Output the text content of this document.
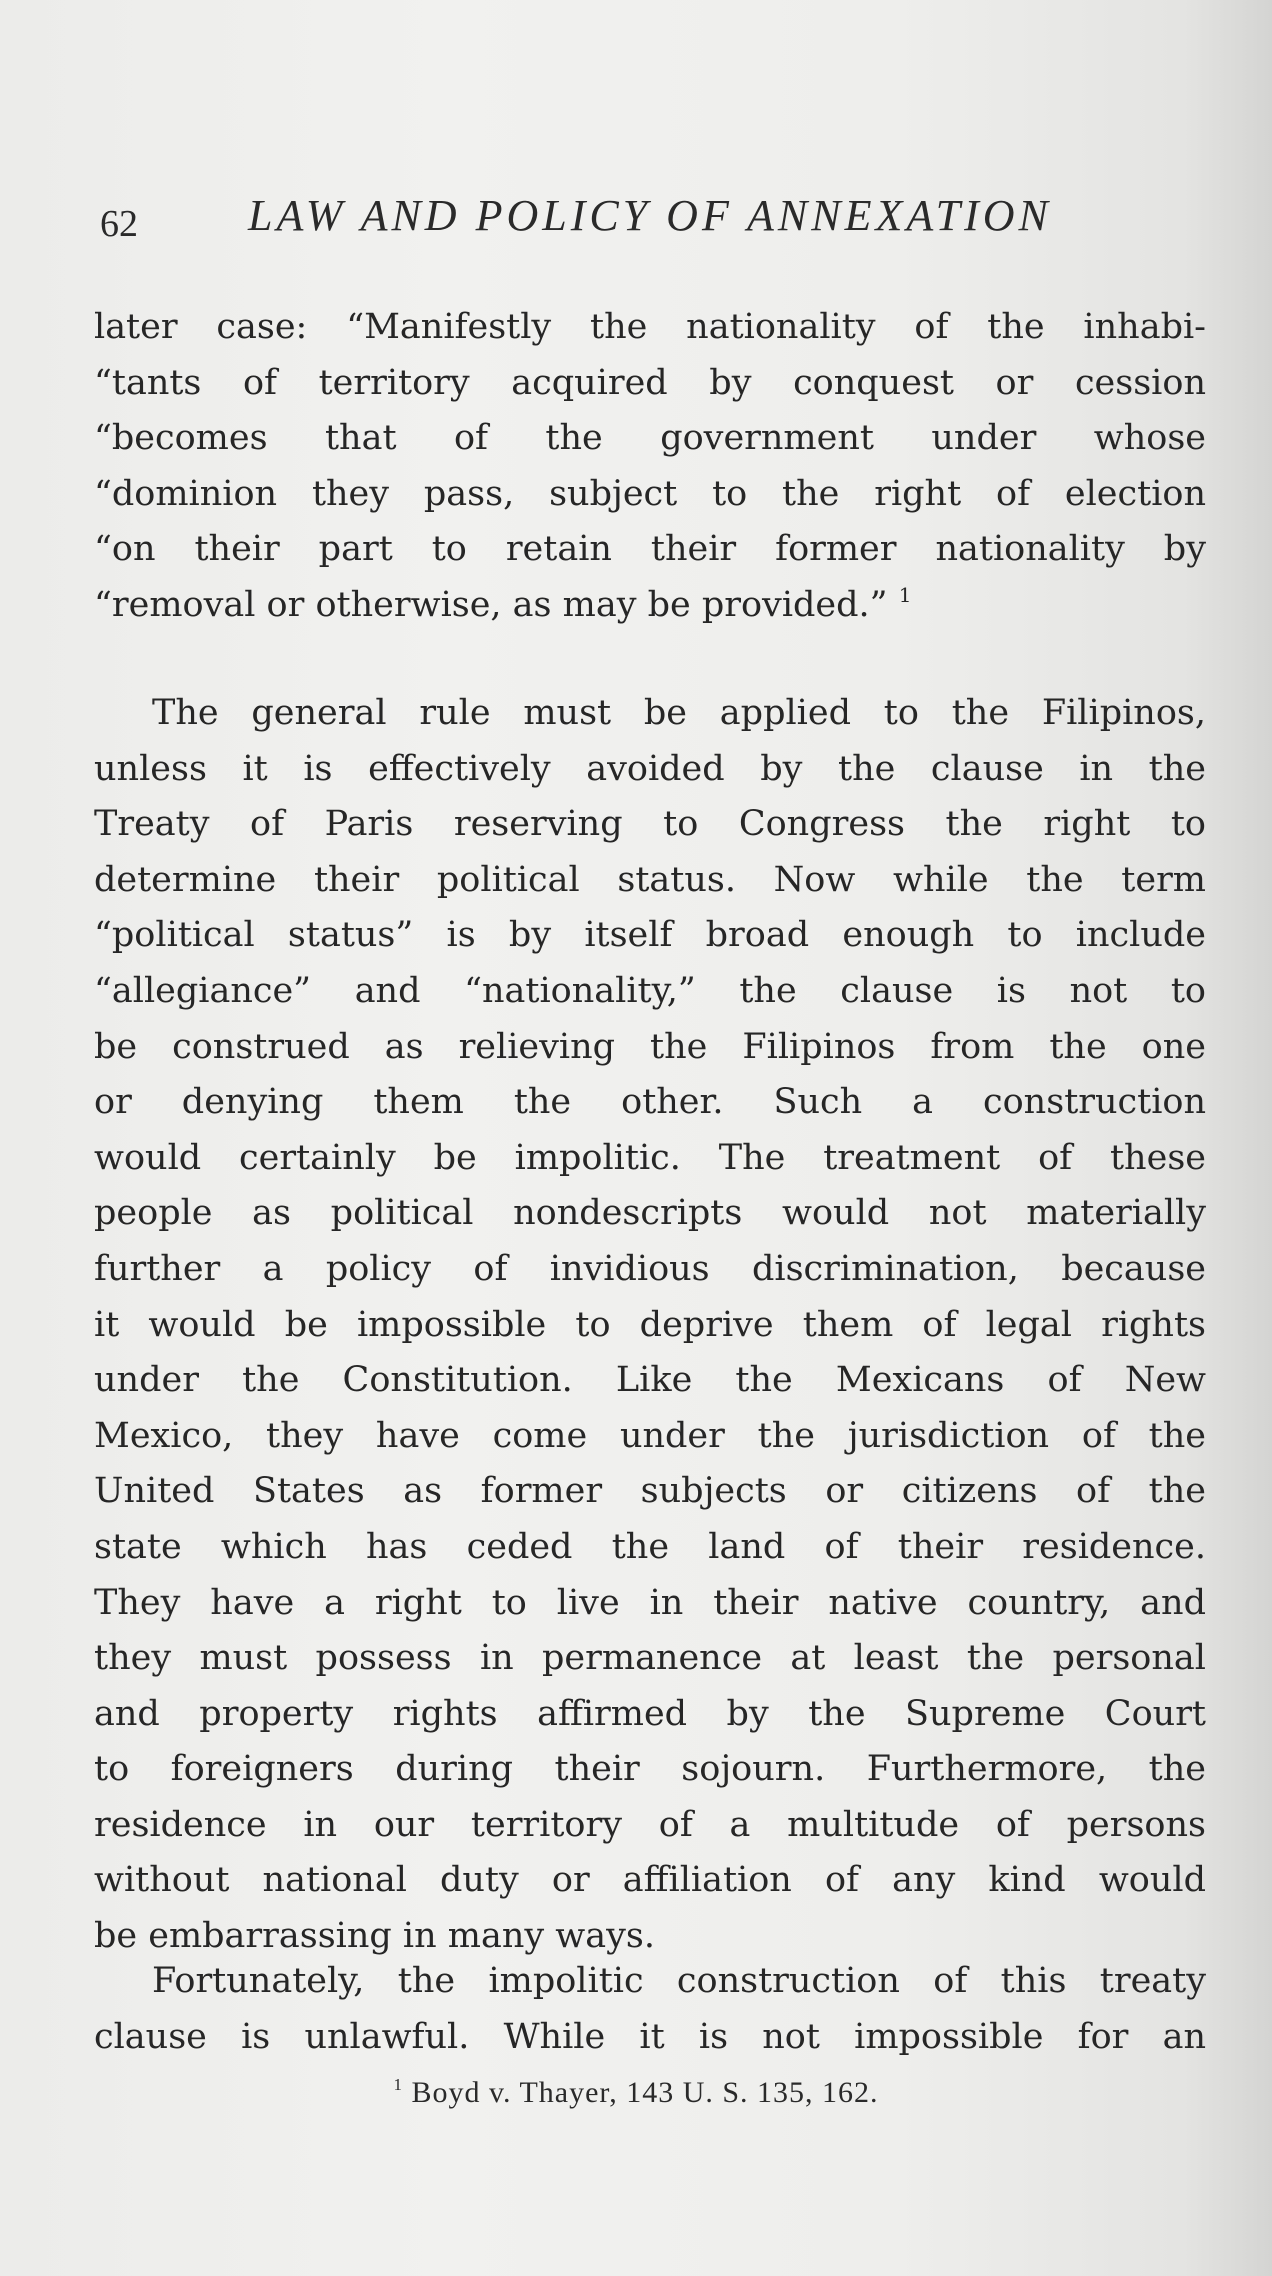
62	LAW AND POLICY OF ANNEXATION
later case: “Manifestly the nationality of the inhabi-
“tants of territory acquired by conquest or cession
“becomes that of the government under whose
“dominion they pass, subject to the right of election
“on their part to retain their former nationality by
“removal or otherwise, as may be provided.” $^1$
The general rule must be applied to the Filipinos,
unless it is effectively avoided by the clause in the
Treaty of Paris reserving to Congress the right to
determine their political status. Now while the term
“political status” is by itself broad enough to include
“allegiance” and “nationality,” the clause is not to
be construed as relieving the Filipinos from the one
or denying them the other. Such a construction
would certainly be impolitic. The treatment of these
people as political nondescripts would not materially
further a policy of invidious discrimination, because
it would be impossible to deprive them of legal rights
under the Constitution. Like the Mexicans of New
Mexico, they have come under the jurisdiction of the
United States as former subjects or citizens of the
state which has ceded the land of their residence.
They have a right to live in their native country, and
they must possess in permanence at least the personal
and property rights affirmed by the Supreme Court
to foreigners during their sojourn. Furthermore, the
residence in our territory of a multitude of persons
without national duty or affiliation of any kind would
be embarrassing in many ways.
Fortunately, the impolitic construction of this treaty
clause is unlawful. While it is not impossible for an
$^1$ Boyd v. Thayer, 143 U. S. 135, 162.
